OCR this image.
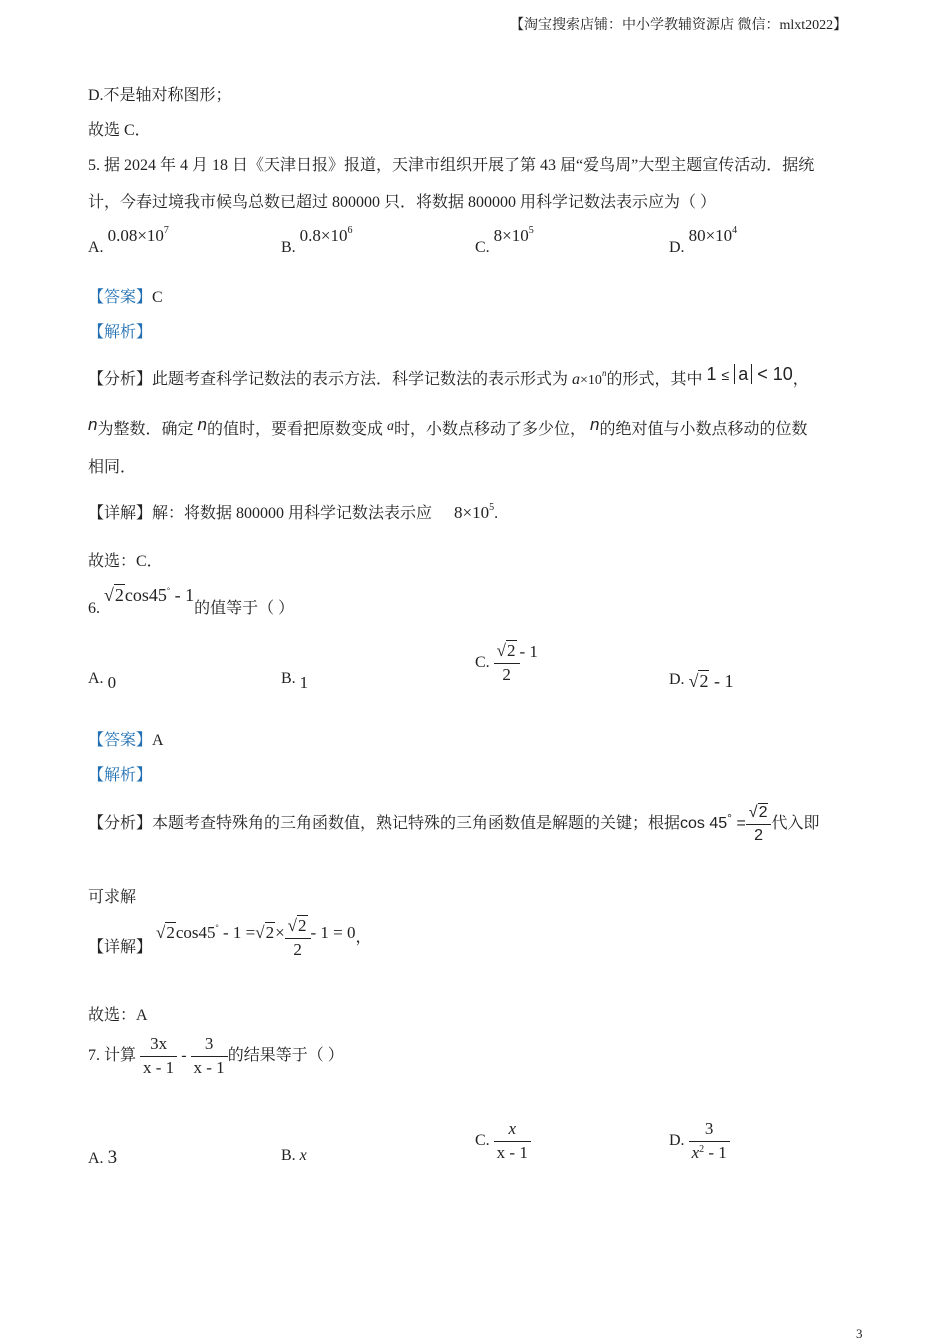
【淘宝搜索店铺：中小学教辅资源店 微信：mlxt2022】
D.不是轴对称图形；
故选 C．
5. 据 2024 年 4 月 18 日《天津日报》报道，天津市组织开展了第 43 届“爱鸟周”大型主题宣传活动．据统
计，今春过境我市候鸟总数已超过 800000 只．将数据 800000 用科学记数法表示应为（ ）
A. $0.08\times 10^7$
B. $0.8\times 10^6$
C. $8\times 10^5$
D. $80\times 10^4$
【答案】C
【解析】
【分析】此题考查科学记数法的表示方法．科学记数法的表示形式为 $a\times 10^n$的形式，其中 1 ≤ a < 10，
n为整数．确定 n的值时，要看把原数变成 a时，小数点移动了多少位， n的绝对值与小数点移动的位数
相同．
【详解】解：将数据 800000 用科学记数法表示应 $8\times 10^5$.
故选：C．
6. √2cos45° - 1的值等于（ ）
A. 0	B. 1
C. $\frac{√2}{2} - 1$
D. √2 - 1
【答案】A
【解析】
【分析】本题考查特殊角的三角函数值，熟记特殊的三角函数值是解题的关键；根据$\cos 45^\circ = \frac{√2}{2}$ 代入即
可求解
【详解】 $√2\cos 45^\circ - 1 =√2\times \frac{√2}{2} - 1 = 0$，
故选：A
7. 计算 $\frac{3x}{x - 1} - \frac{3}{x - 1}$ 的结果等于（ ）
A. 3	B. x
C. $\frac{x}{x - 1}$	D. $\frac{3}{x^2 - 1}$
3
